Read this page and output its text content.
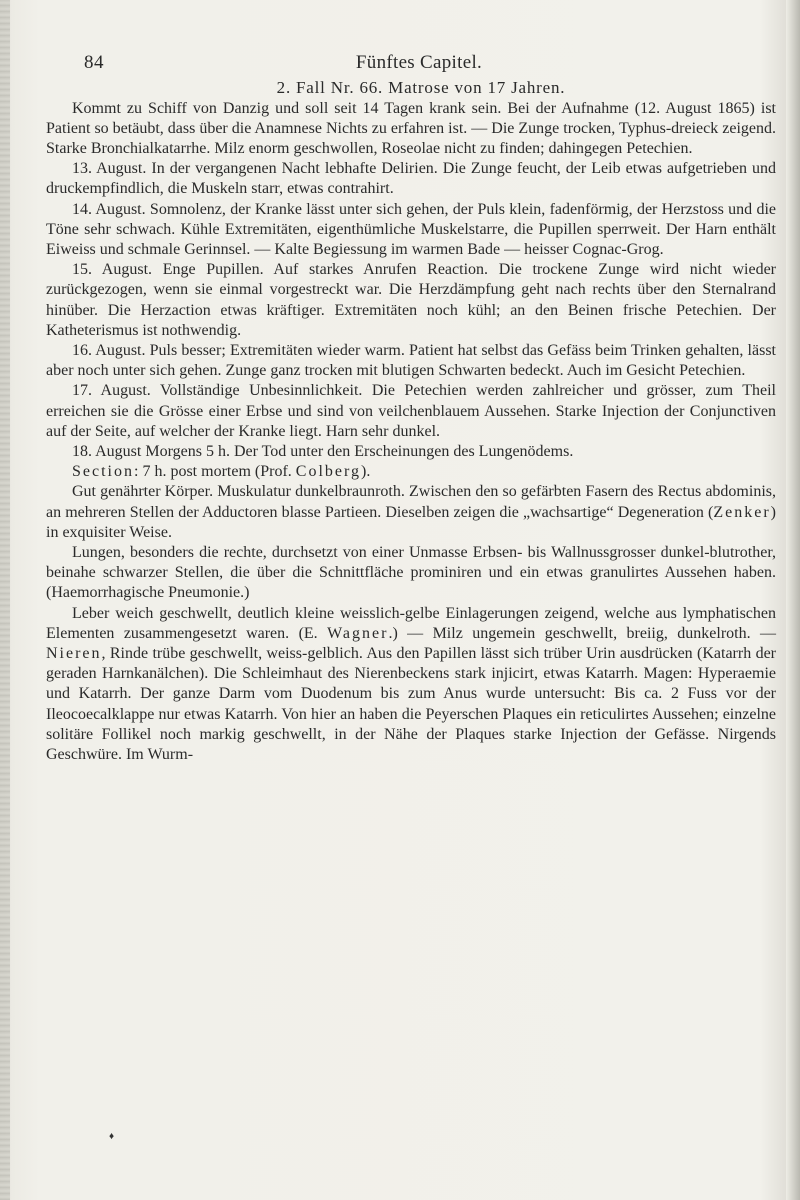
84	Fünftes Capitel.

2. Fall Nr. 66. Matrose von 17 Jahren.

Kommt zu Schiff von Danzig und soll seit 14 Tagen krank sein. Bei der Aufnahme (12. August 1865) ist Patient so betäubt, dass über die Anamnese Nichts zu erfahren ist. — Die Zunge trocken, Typhus-dreieck zeigend. Starke Bronchialkatarrhe. Milz enorm geschwollen, Roseolae nicht zu finden; dahingegen Petechien.

13. August. In der vergangenen Nacht lebhafte Delirien. Die Zunge feucht, der Leib etwas aufgetrieben und druckempfindlich, die Muskeln starr, etwas contrahirt.

14. August. Somnolenz, der Kranke lässt unter sich gehen, der Puls klein, fadenförmig, der Herzstoss und die Töne sehr schwach. Kühle Extremitäten, eigenthümliche Muskelstarre, die Pupillen sperrweit. Der Harn enthält Eiweiss und schmale Gerinnsel. — Kalte Begiessung im warmen Bade — heisser Cognac-Grog.

15. August. Enge Pupillen. Auf starkes Anrufen Reaction. Die trockene Zunge wird nicht wieder zurückgezogen, wenn sie einmal vorgestreckt war. Die Herzdämpfung geht nach rechts über den Sternalrand hinüber. Die Herzaction etwas kräftiger. Extremitäten noch kühl; an den Beinen frische Petechien. Der Katheterismus ist nothwendig.

16. August. Puls besser; Extremitäten wieder warm. Patient hat selbst das Gefäss beim Trinken gehalten, lässt aber noch unter sich gehen. Zunge ganz trocken mit blutigen Schwarten bedeckt. Auch im Gesicht Petechien.

17. August. Vollständige Unbesinnlichkeit. Die Petechien werden zahlreicher und grösser, zum Theil erreichen sie die Grösse einer Erbse und sind von veilchenblauem Aussehen. Starke Injection der Conjunctiven auf der Seite, auf welcher der Kranke liegt. Harn sehr dunkel.

18. August Morgens 5 h. Der Tod unter den Erscheinungen des Lungenödems.

Section: 7 h. post mortem (Prof. Colberg).

Gut genährter Körper. Muskulatur dunkelbraunroth. Zwischen den so gefärbten Fasern des Rectus abdominis, an mehreren Stellen der Adductoren blasse Partieen. Dieselben zeigen die „wachsartige“ Degeneration (Zenker) in exquisiter Weise.

Lungen, besonders die rechte, durchsetzt von einer Unmasse Erbsen- bis Wallnussgrosser dunkel-blutrother, beinahe schwarzer Stellen, die über die Schnittfläche prominiren und ein etwas granulirtes Aussehen haben. (Haemorrhagische Pneumonie.)

Leber weich geschwellt, deutlich kleine weisslich-gelbe Einlagerungen zeigend, welche aus lymphatischen Elementen zusammengesetzt waren. (E. Wagner.) — Milz ungemein geschwellt, breiig, dunkelroth. — Nieren, Rinde trübe geschwellt, weiss-gelblich. Aus den Papillen lässt sich trüber Urin ausdrücken (Katarrh der geraden Harnkanälchen). Die Schleimhaut des Nierenbeckens stark injicirt, etwas Katarrh. Magen: Hyperaemie und Katarrh. Der ganze Darm vom Duodenum bis zum Anus wurde untersucht: Bis ca. 2 Fuss vor der Ileocoecalklappe nur etwas Katarrh. Von hier an haben die Peyerschen Plaques ein reticulirtes Aussehen; einzelne solitäre Follikel noch markig geschwellt, in der Nähe der Plaques starke Injection der Gefässe. Nirgends Geschwüre. Im Wurm-

♦
